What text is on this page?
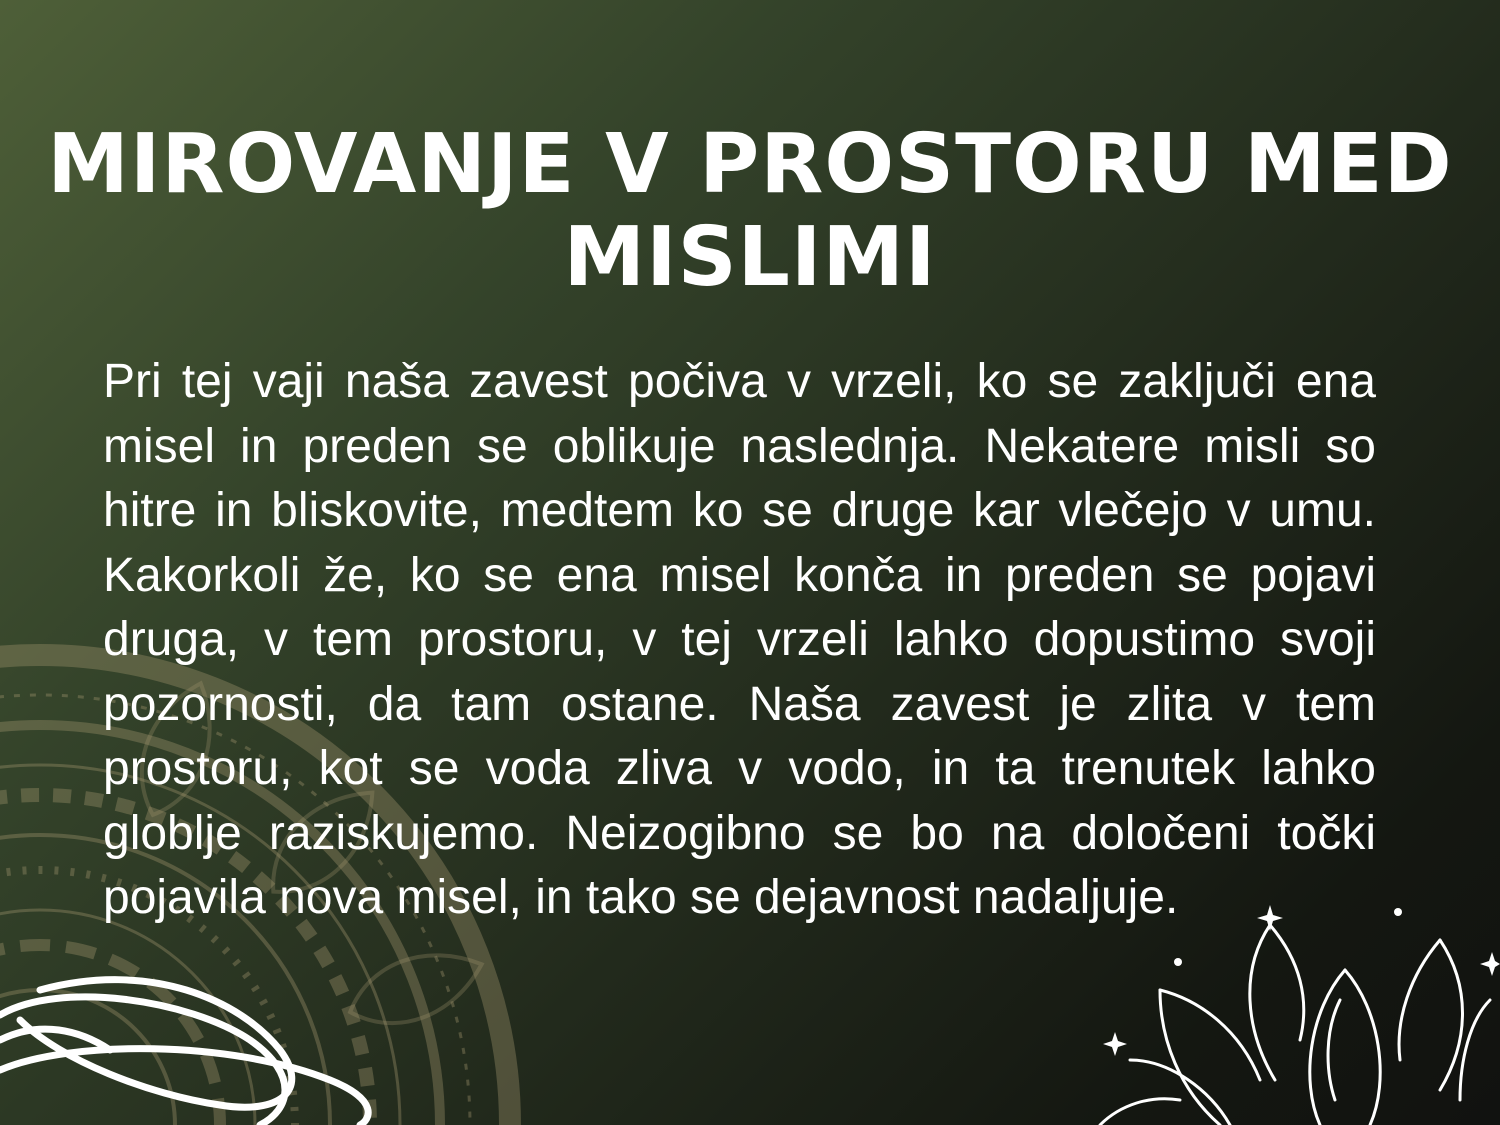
MIROVANJE V PROSTORU MED MISLIMI

Pri tej vaji naša zavest počiva v vrzeli, ko se zaključi ena misel in preden se oblikuje naslednja. Nekatere misli so hitre in bliskovite, medtem ko se druge kar vlečejo v umu. Kakorkoli že, ko se ena misel konča in preden se pojavi druga, v tem prostoru, v tej vrzeli lahko dopustimo svoji pozornosti, da tam ostane. Naša zavest je zlita v tem prostoru, kot se voda zliva v vodo, in ta trenutek lahko globlje raziskujemo. Neizogibno se bo na določeni točki pojavila nova misel, in tako se dejavnost nadaljuje.
